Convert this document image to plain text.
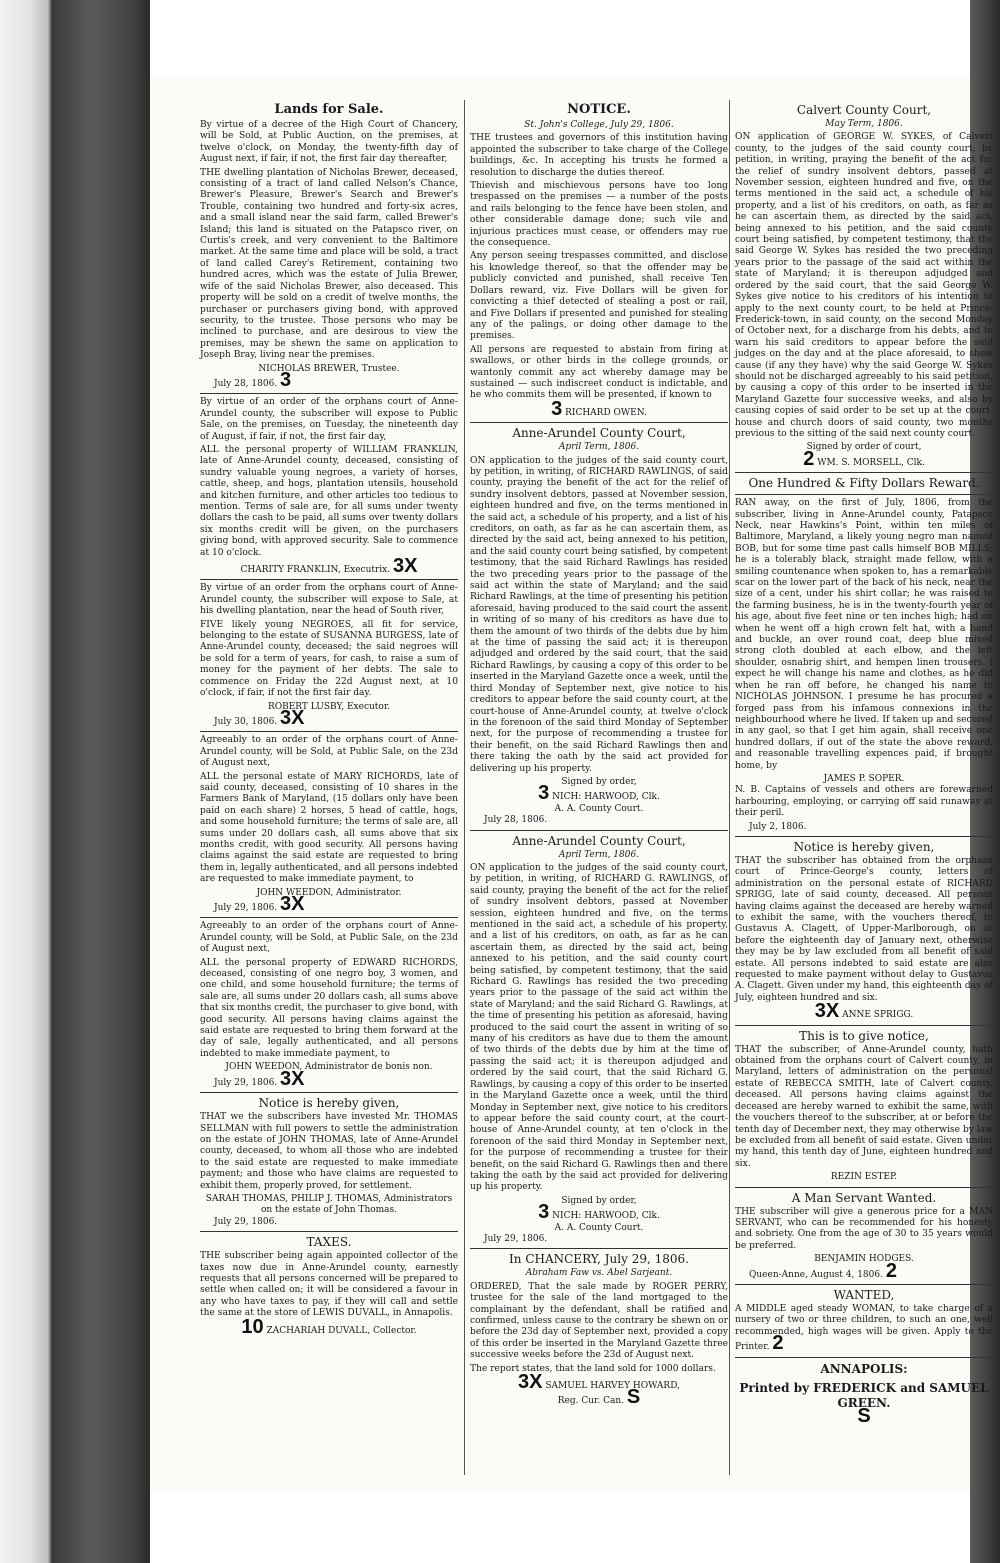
Lands for Sale.

By virtue of a decree of the High Court of Chancery, will be Sold, at Public Auction, on the premises, at twelve o'clock, on Monday, the twenty-fifth day of August next, if fair, if not, the first fair day thereafter,

THE dwelling plantation of Nicholas Brewer, deceased, consisting of a tract of land called Nelson's Chance, Brewer's Pleasure, Brewer's Search and Brewer's Trouble, containing two hundred and forty-six acres, and a small island near the said farm, called Brewer's Island; this land is situated on the Patapsco river, on Curtis's creek, and very convenient to the Baltimore market. At the same time and place will be sold, a tract of land called Carey's Retirement, containing two hundred acres, which was the estate of Julia Brewer, wife of the said Nicholas Brewer, also deceased. This property will be sold on a credit of twelve months, the purchaser or purchasers giving bond, with approved security, to the trustee. Those persons who may be inclined to purchase, and are desirous to view the premises, may be shewn the same on application to Joseph Bray, living near the premises.

NICHOLAS BREWER, Trustee.

July 28, 1806. 3

By virtue of an order of the orphans court of Anne-Arundel county, the subscriber will expose to Public Sale, on the premises, on Tuesday, the nineteenth day of August, if fair, if not, the first fair day,

ALL the personal property of WILLIAM FRANKLIN, late of Anne-Arundel county, deceased, consisting of sundry valuable young negroes, a variety of horses, cattle, sheep, and hogs, plantation utensils, household and kitchen furniture, and other articles too tedious to mention. Terms of sale are, for all sums under twenty dollars the cash to be paid, all sums over twenty dollars six months credit will be given, on the purchasers giving bond, with approved security. Sale to commence at 10 o'clock.

CHARITY FRANKLIN, Executrix. 3X

By virtue of an order from the orphans court of Anne-Arundel county, the subscriber will expose to Sale, at his dwelling plantation, near the head of South river,

FIVE likely young NEGROES, all fit for service, belonging to the estate of SUSANNA BURGESS, late of Anne-Arundel county, deceased; the said negroes will be sold for a term of years, for cash, to raise a sum of money for the payment of her debts. The sale to commence on Friday the 22d August next, at 10 o'clock, if fair, if not the first fair day.

ROBERT LUSBY, Executor.

July 30, 1806. 3X

Agreeably to an order of the orphans court of Anne-Arundel county, will be Sold, at Public Sale, on the 23d of August next,

ALL the personal estate of MARY RICHORDS, late of said county, deceased, consisting of 10 shares in the Farmers Bank of Maryland, (15 dollars only have been paid on each share) 2 horses, 5 head of cattle, hogs, and some household furniture; the terms of sale are, all sums under 20 dollars cash, all sums above that six months credit, with good security. All persons having claims against the said estate are requested to bring them in, legally authenticated, and all persons indebted are requested to make immediate payment, to

JOHN WEEDON, Administrator.

July 29, 1806. 3X

Agreeably to an order of the orphans court of Anne-Arundel county, will be Sold, at Public Sale, on the 23d of August next,

ALL the personal property of EDWARD RICHORDS, deceased, consisting of one negro boy, 3 women, and one child, and some household furniture; the terms of sale are, all sums under 20 dollars cash, all sums above that six months credit, the purchaser to give bond, with good security. All persons having claims against the said estate are requested to bring them forward at the day of sale, legally authenticated, and all persons indebted to make immediate payment, to

JOHN WEEDON, Administrator de bonis non.

July 29, 1806. 3X

Notice is hereby given,

THAT we the subscribers have invested Mr. THOMAS SELLMAN with full powers to settle the administration on the estate of JOHN THOMAS, late of Anne-Arundel county, deceased, to whom all those who are indebted to the said estate are requested to make immediate payment; and those who have claims are requested to exhibit them, properly proved, for settlement.

SARAH THOMAS, PHILIP J. THOMAS, Administrators on the estate of John Thomas.

July 29, 1806.

TAXES.

THE subscriber being again appointed collector of the taxes now due in Anne-Arundel county, earnestly requests that all persons concerned will be prepared to settle when called on; it will be considered a favour in any who have taxes to pay, if they will call and settle the same at the store of LEWIS DUVALL, in Annapolis.

10 ZACHARIAH DUVALL, Collector.

NOTICE.
St. John's College, July 29, 1806.

THE trustees and governors of this institution having appointed the subscriber to take charge of the College buildings, &c. In accepting his trusts he formed a resolution to discharge the duties thereof.

Thievish and mischievous persons have too long trespassed on the premises — a number of the posts and rails belonging to the fence have been stolen, and other considerable damage done; such vile and injurious practices must cease, or offenders may rue the consequence.

Any person seeing trespasses committed, and disclose his knowledge thereof, so that the offender may be publicly convicted and punished, shall receive Ten Dollars reward, viz. Five Dollars will be given for convicting a thief detected of stealing a post or rail, and Five Dollars if presented and punished for stealing any of the palings, or doing other damage to the premises.

All persons are requested to abstain from firing at swallows, or other birds in the college grounds, or wantonly commit any act whereby damage may be sustained — such indiscreet conduct is indictable, and he who commits them will be presented, if known to

3 RICHARD OWEN.

Anne-Arundel County Court,
April Term, 1806.

ON application to the judges of the said county court, by petition, in writing, of RICHARD RAWLINGS, of said county, praying the benefit of the act for the relief of sundry insolvent debtors, passed at November session, eighteen hundred and five, on the terms mentioned in the said act, a schedule of his property, and a list of his creditors, on oath, as far as he can ascertain them, as directed by the said act, being annexed to his petition, and the said county court being satisfied, by competent testimony, that the said Richard Rawlings has resided the two preceding years prior to the passage of the said act within the state of Maryland; and the said Richard Rawlings, at the time of presenting his petition aforesaid, having produced to the said court the assent in writing of so many of his creditors as have due to them the amount of two thirds of the debts due by him at the time of passing the said act; it is thereupon adjudged and ordered by the said court, that the said Richard Rawlings, by causing a copy of this order to be inserted in the Maryland Gazette once a week, until the third Monday of September next, give notice to his creditors to appear before the said county court, at the court-house of Anne-Arundel county, at twelve o'clock in the forenoon of the said third Monday of September next, for the purpose of recommending a trustee for their benefit, on the said Richard Rawlings then and there taking the oath by the said act provided for delivering up his property.

Signed by order,

3 NICH: HARWOOD, Clk.

A. A. County Court.

July 28, 1806.

Anne-Arundel County Court,
April Term, 1806.

ON application to the judges of the said county court, by petition, in writing, of RICHARD G. RAWLINGS, of said county, praying the benefit of the act for the relief of sundry insolvent debtors, passed at November session, eighteen hundred and five, on the terms mentioned in the said act, a schedule of his property, and a list of his creditors, on oath, as far as he can ascertain them, as directed by the said act, being annexed to his petition, and the said county court being satisfied, by competent testimony, that the said Richard G. Rawlings has resided the two preceding years prior to the passage of the said act within the state of Maryland; and the said Richard G. Rawlings, at the time of presenting his petition as aforesaid, having produced to the said court the assent in writing of so many of his creditors as have due to them the amount of two thirds of the debts due by him at the time of passing the said act; it is thereupon adjudged and ordered by the said court, that the said Richard G. Rawlings, by causing a copy of this order to be inserted in the Maryland Gazette once a week, until the third Monday in September next, give notice to his creditors to appear before the said county court, at the court-house of Anne-Arundel county, at ten o'clock in the forenoon of the said third Monday in September next, for the purpose of recommending a trustee for their benefit, on the said Richard G. Rawlings then and there taking the oath by the said act provided for delivering up his property.

Signed by order,

3 NICH: HARWOOD, Clk.

A. A. County Court.

July 29, 1806.

In CHANCERY, July 29, 1806.
Abraham Faw vs. Abel Sarjeant.

ORDERED, That the sale made by ROGER PERRY, trustee for the sale of the land mortgaged to the complainant by the defendant, shall be ratified and confirmed, unless cause to the contrary be shewn on or before the 23d day of September next, provided a copy of this order be inserted in the Maryland Gazette three successive weeks before the 23d of August next.

The report states, that the land sold for 1000 dollars.

3X SAMUEL HARVEY HOWARD,

Reg. Cur. Can. S

Calvert County Court,
May Term, 1806.

ON application of GEORGE W. SYKES, of Calvert county, to the judges of the said county court, by petition, in writing, praying the benefit of the act for the relief of sundry insolvent debtors, passed at November session, eighteen hundred and five, on the terms mentioned in the said act, a schedule of his property, and a list of his creditors, on oath, as far as he can ascertain them, as directed by the said act, being annexed to his petition, and the said county court being satisfied, by competent testimony, that the said George W. Sykes has resided the two preceding years prior to the passage of the said act within the state of Maryland; it is thereupon adjudged and ordered by the said court, that the said George W. Sykes give notice to his creditors of his intention to apply to the next county court, to be held at Prince-Frederick-town, in said county, on the second Monday of October next, for a discharge from his debts, and to warn his said creditors to appear before the said judges on the day and at the place aforesaid, to shew cause (if any they have) why the said George W. Sykes should not be discharged agreeably to his said petition, by causing a copy of this order to be inserted in the Maryland Gazette four successive weeks, and also by causing copies of said order to be set up at the court-house and church doors of said county, two months previous to the sitting of the said next county court.

Signed by order of court,

2 WM. S. MORSELL, Clk.

One Hundred & Fifty Dollars Reward.

RAN away, on the first of July, 1806, from the subscriber, living in Anne-Arundel county, Patapsco Neck, near Hawkins's Point, within ten miles of Baltimore, Maryland, a likely young negro man named BOB, but for some time past calls himself BOB MILLS; he is a tolerably black, straight made fellow, with a smiling countenance when spoken to, has a remarkable scar on the lower part of the back of his neck, near the size of a cent, under his shirt collar; he was raised to the farming business, he is in the twenty-fourth year of his age, about five feet nine or ten inches high; had on when he went off a high crown felt hat, with a band and buckle, an over round coat, deep blue mixed strong cloth doubled at each elbow, and the left shoulder, osnabrig shirt, and hempen linen trousers. I expect he will change his name and clothes, as he did when he ran off before, he changed his name to NICHOLAS JOHNSON. I presume he has procured a forged pass from his infamous connexions in the neighbourhood where he lived. If taken up and secured in any gaol, so that I get him again, shall receive one hundred dollars, if out of the state the above reward, and reasonable travelling expences paid, if brought home, by

JAMES P. SOPER.

N. B. Captains of vessels and others are forewarned harbouring, employing, or carrying off said runaway at their peril.

July 2, 1806.

Notice is hereby given,

THAT the subscriber has obtained from the orphans court of Prince-George's county, letters of administration on the personal estate of RICHARD SPRIGG, late of said county, deceased. All persons having claims against the deceased are hereby warned to exhibit the same, with the vouchers thereof, to Gustavus A. Clagett, of Upper-Marlborough, on or before the eighteenth day of January next, otherwise they may be by law excluded from all benefit of said estate. All persons indebted to said estate are also requested to make payment without delay to Gustavus A. Clagett. Given under my hand, this eighteenth day of July, eighteen hundred and six.

3X ANNE SPRIGG.

This is to give notice,

THAT the subscriber, of Anne-Arundel county, hath obtained from the orphans court of Calvert county, in Maryland, letters of administration on the personal estate of REBECCA SMITH, late of Calvert county, deceased. All persons having claims against the deceased are hereby warned to exhibit the same, with the vouchers thereof to the subscriber, at or before the tenth day of December next, they may otherwise by law be excluded from all benefit of said estate. Given under my hand, this tenth day of June, eighteen hundred and six.

REZIN ESTEP.

A Man Servant Wanted.

THE subscriber will give a generous price for a MAN SERVANT, who can be recommended for his honesty and sobriety. One from the age of 30 to 35 years would be preferred.

BENJAMIN HODGES.

Queen-Anne, August 4, 1806. 2

WANTED,

A MIDDLE aged steady WOMAN, to take charge of a nursery of two or three children, to such an one, well recommended, high wages will be given. Apply to the Printer. 2

ANNAPOLIS:

Printed by FREDERICK and SAMUEL GREEN.

S
